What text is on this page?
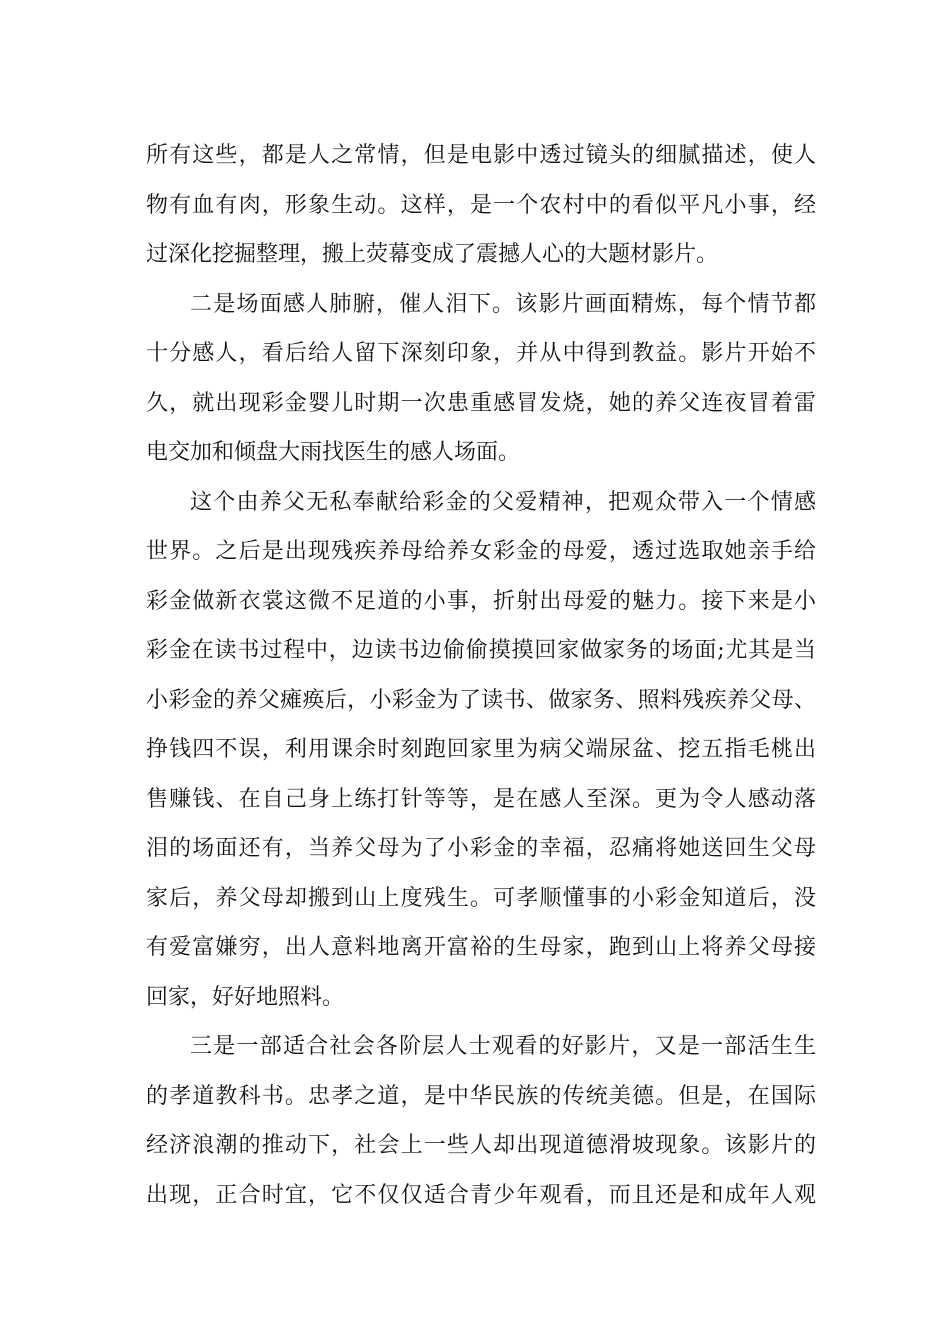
所有这些，都是人之常情，但是电影中透过镜头的细腻描述，使人
物有血有肉，形象生动。这样，是一个农村中的看似平凡小事，经
过深化挖掘整理，搬上荧幕变成了震撼人心的大题材影片。
二是场面感人肺腑，催人泪下。该影片画面精炼，每个情节都
十分感人，看后给人留下深刻印象，并从中得到教益。影片开始不
久，就出现彩金婴儿时期一次患重感冒发烧，她的养父连夜冒着雷
电交加和倾盘大雨找医生的感人场面。
这个由养父无私奉献给彩金的父爱精神，把观众带入一个情感
世界。之后是出现残疾养母给养女彩金的母爱，透过选取她亲手给
彩金做新衣裳这微不足道的小事，折射出母爱的魅力。接下来是小
彩金在读书过程中，边读书边偷偷摸摸回家做家务的场面;尤其是当
小彩金的养父瘫痪后，小彩金为了读书、做家务、照料残疾养父母、
挣钱四不误，利用课余时刻跑回家里为病父端尿盆、挖五指毛桃出
售赚钱、在自己身上练打针等等，是在感人至深。更为令人感动落
泪的场面还有，当养父母为了小彩金的幸福，忍痛将她送回生父母
家后，养父母却搬到山上度残生。可孝顺懂事的小彩金知道后，没
有爱富嫌穷，出人意料地离开富裕的生母家，跑到山上将养父母接
回家，好好地照料。
三是一部适合社会各阶层人士观看的好影片，又是一部活生生
的孝道教科书。忠孝之道，是中华民族的传统美德。但是，在国际
经济浪潮的推动下，社会上一些人却出现道德滑坡现象。该影片的
出现，正合时宜，它不仅仅适合青少年观看，而且还是和成年人观
